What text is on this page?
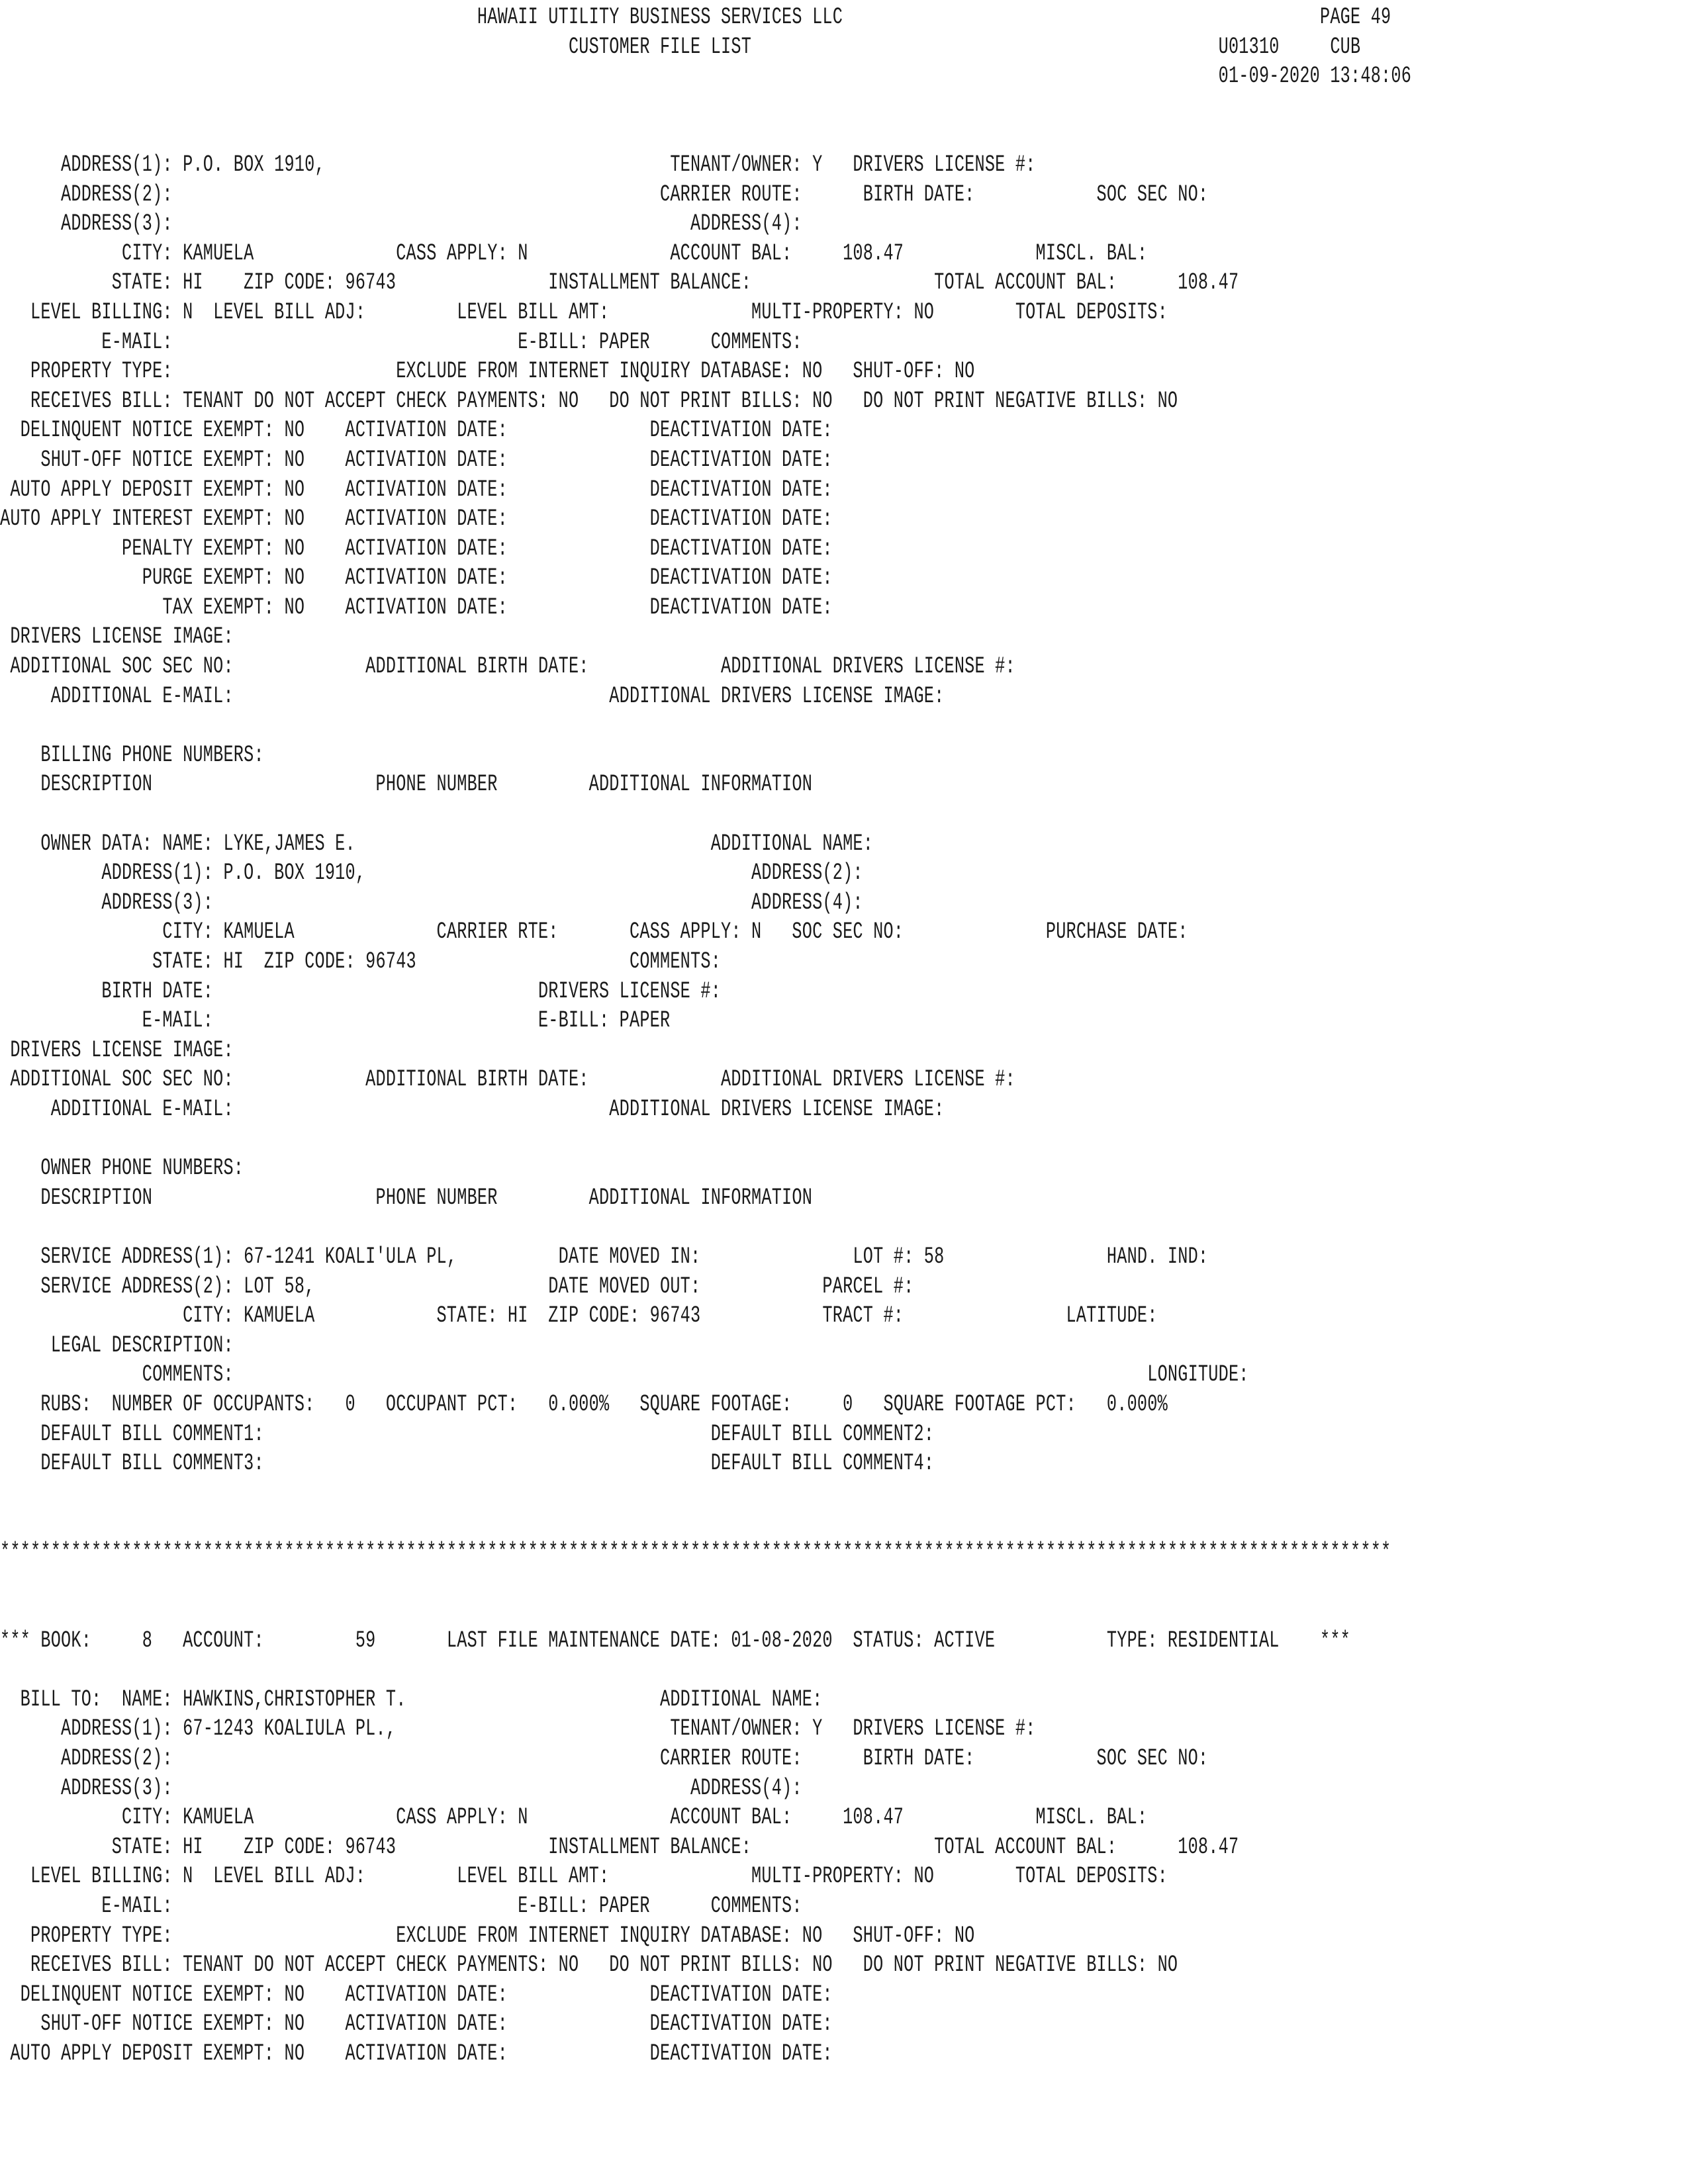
HAWAII UTILITY BUSINESS SERVICES LLC                                               PAGE 49
CUSTOMER FILE LIST                                              U01310     CUB
01-09-2020 13:48:06
ADDRESS(1): P.O. BOX 1910,                                  TENANT/OWNER: Y   DRIVERS LICENSE #:
ADDRESS(2):                                                CARRIER ROUTE:      BIRTH DATE:            SOC SEC NO:
ADDRESS(3):                                                   ADDRESS(4):
CITY: KAMUELA              CASS APPLY: N              ACCOUNT BAL:     108.47             MISCL. BAL:
STATE: HI    ZIP CODE: 96743               INSTALLMENT BALANCE:                  TOTAL ACCOUNT BAL:      108.47
LEVEL BILLING: N  LEVEL BILL ADJ:         LEVEL BILL AMT:              MULTI-PROPERTY: NO        TOTAL DEPOSITS:
E-MAIL:                                  E-BILL: PAPER      COMMENTS:
PROPERTY TYPE:                      EXCLUDE FROM INTERNET INQUIRY DATABASE: NO   SHUT-OFF: NO
RECEIVES BILL: TENANT DO NOT ACCEPT CHECK PAYMENTS: NO   DO NOT PRINT BILLS: NO   DO NOT PRINT NEGATIVE BILLS: NO
DELINQUENT NOTICE EXEMPT: NO    ACTIVATION DATE:              DEACTIVATION DATE:
SHUT-OFF NOTICE EXEMPT: NO    ACTIVATION DATE:              DEACTIVATION DATE:
AUTO APPLY DEPOSIT EXEMPT: NO    ACTIVATION DATE:              DEACTIVATION DATE:
AUTO APPLY INTEREST EXEMPT: NO    ACTIVATION DATE:              DEACTIVATION DATE:
PENALTY EXEMPT: NO    ACTIVATION DATE:              DEACTIVATION DATE:
PURGE EXEMPT: NO    ACTIVATION DATE:              DEACTIVATION DATE:
TAX EXEMPT: NO    ACTIVATION DATE:              DEACTIVATION DATE:
DRIVERS LICENSE IMAGE:
ADDITIONAL SOC SEC NO:             ADDITIONAL BIRTH DATE:             ADDITIONAL DRIVERS LICENSE #:
ADDITIONAL E-MAIL:                                     ADDITIONAL DRIVERS LICENSE IMAGE:
BILLING PHONE NUMBERS:
DESCRIPTION                      PHONE NUMBER         ADDITIONAL INFORMATION
OWNER DATA: NAME: LYKE,JAMES E.                                   ADDITIONAL NAME:
ADDRESS(1): P.O. BOX 1910,                                      ADDRESS(2):
ADDRESS(3):                                                     ADDRESS(4):
CITY: KAMUELA              CARRIER RTE:       CASS APPLY: N   SOC SEC NO:              PURCHASE DATE:
STATE: HI  ZIP CODE: 96743                     COMMENTS:
BIRTH DATE:                                DRIVERS LICENSE #:
E-MAIL:                                E-BILL: PAPER
DRIVERS LICENSE IMAGE:
ADDITIONAL SOC SEC NO:             ADDITIONAL BIRTH DATE:             ADDITIONAL DRIVERS LICENSE #:
ADDITIONAL E-MAIL:                                     ADDITIONAL DRIVERS LICENSE IMAGE:
OWNER PHONE NUMBERS:
DESCRIPTION                      PHONE NUMBER         ADDITIONAL INFORMATION
SERVICE ADDRESS(1): 67-1241 KOALI'ULA PL,          DATE MOVED IN:               LOT #: 58                HAND. IND:
SERVICE ADDRESS(2): LOT 58,                       DATE MOVED OUT:            PARCEL #:
CITY: KAMUELA            STATE: HI  ZIP CODE: 96743            TRACT #:                LATITUDE:
LEGAL DESCRIPTION:
COMMENTS:                                                                                          LONGITUDE:
RUBS:  NUMBER OF OCCUPANTS:   0   OCCUPANT PCT:   0.000%   SQUARE FOOTAGE:     0   SQUARE FOOTAGE PCT:   0.000%
DEFAULT BILL COMMENT1:                                            DEFAULT BILL COMMENT2:
DEFAULT BILL COMMENT3:                                            DEFAULT BILL COMMENT4:
*****************************************************************************************************************************************
*** BOOK:     8   ACCOUNT:         59       LAST FILE MAINTENANCE DATE: 01-08-2020  STATUS: ACTIVE           TYPE: RESIDENTIAL    ***
BILL TO:  NAME: HAWKINS,CHRISTOPHER T.                         ADDITIONAL NAME:
ADDRESS(1): 67-1243 KOALIULA PL.,                           TENANT/OWNER: Y   DRIVERS LICENSE #:
ADDRESS(2):                                                CARRIER ROUTE:      BIRTH DATE:            SOC SEC NO:
ADDRESS(3):                                                   ADDRESS(4):
CITY: KAMUELA              CASS APPLY: N              ACCOUNT BAL:     108.47             MISCL. BAL:
STATE: HI    ZIP CODE: 96743               INSTALLMENT BALANCE:                  TOTAL ACCOUNT BAL:      108.47
LEVEL BILLING: N  LEVEL BILL ADJ:         LEVEL BILL AMT:              MULTI-PROPERTY: NO        TOTAL DEPOSITS:
E-MAIL:                                  E-BILL: PAPER      COMMENTS:
PROPERTY TYPE:                      EXCLUDE FROM INTERNET INQUIRY DATABASE: NO   SHUT-OFF: NO
RECEIVES BILL: TENANT DO NOT ACCEPT CHECK PAYMENTS: NO   DO NOT PRINT BILLS: NO   DO NOT PRINT NEGATIVE BILLS: NO
DELINQUENT NOTICE EXEMPT: NO    ACTIVATION DATE:              DEACTIVATION DATE:
SHUT-OFF NOTICE EXEMPT: NO    ACTIVATION DATE:              DEACTIVATION DATE:
AUTO APPLY DEPOSIT EXEMPT: NO    ACTIVATION DATE:              DEACTIVATION DATE:
